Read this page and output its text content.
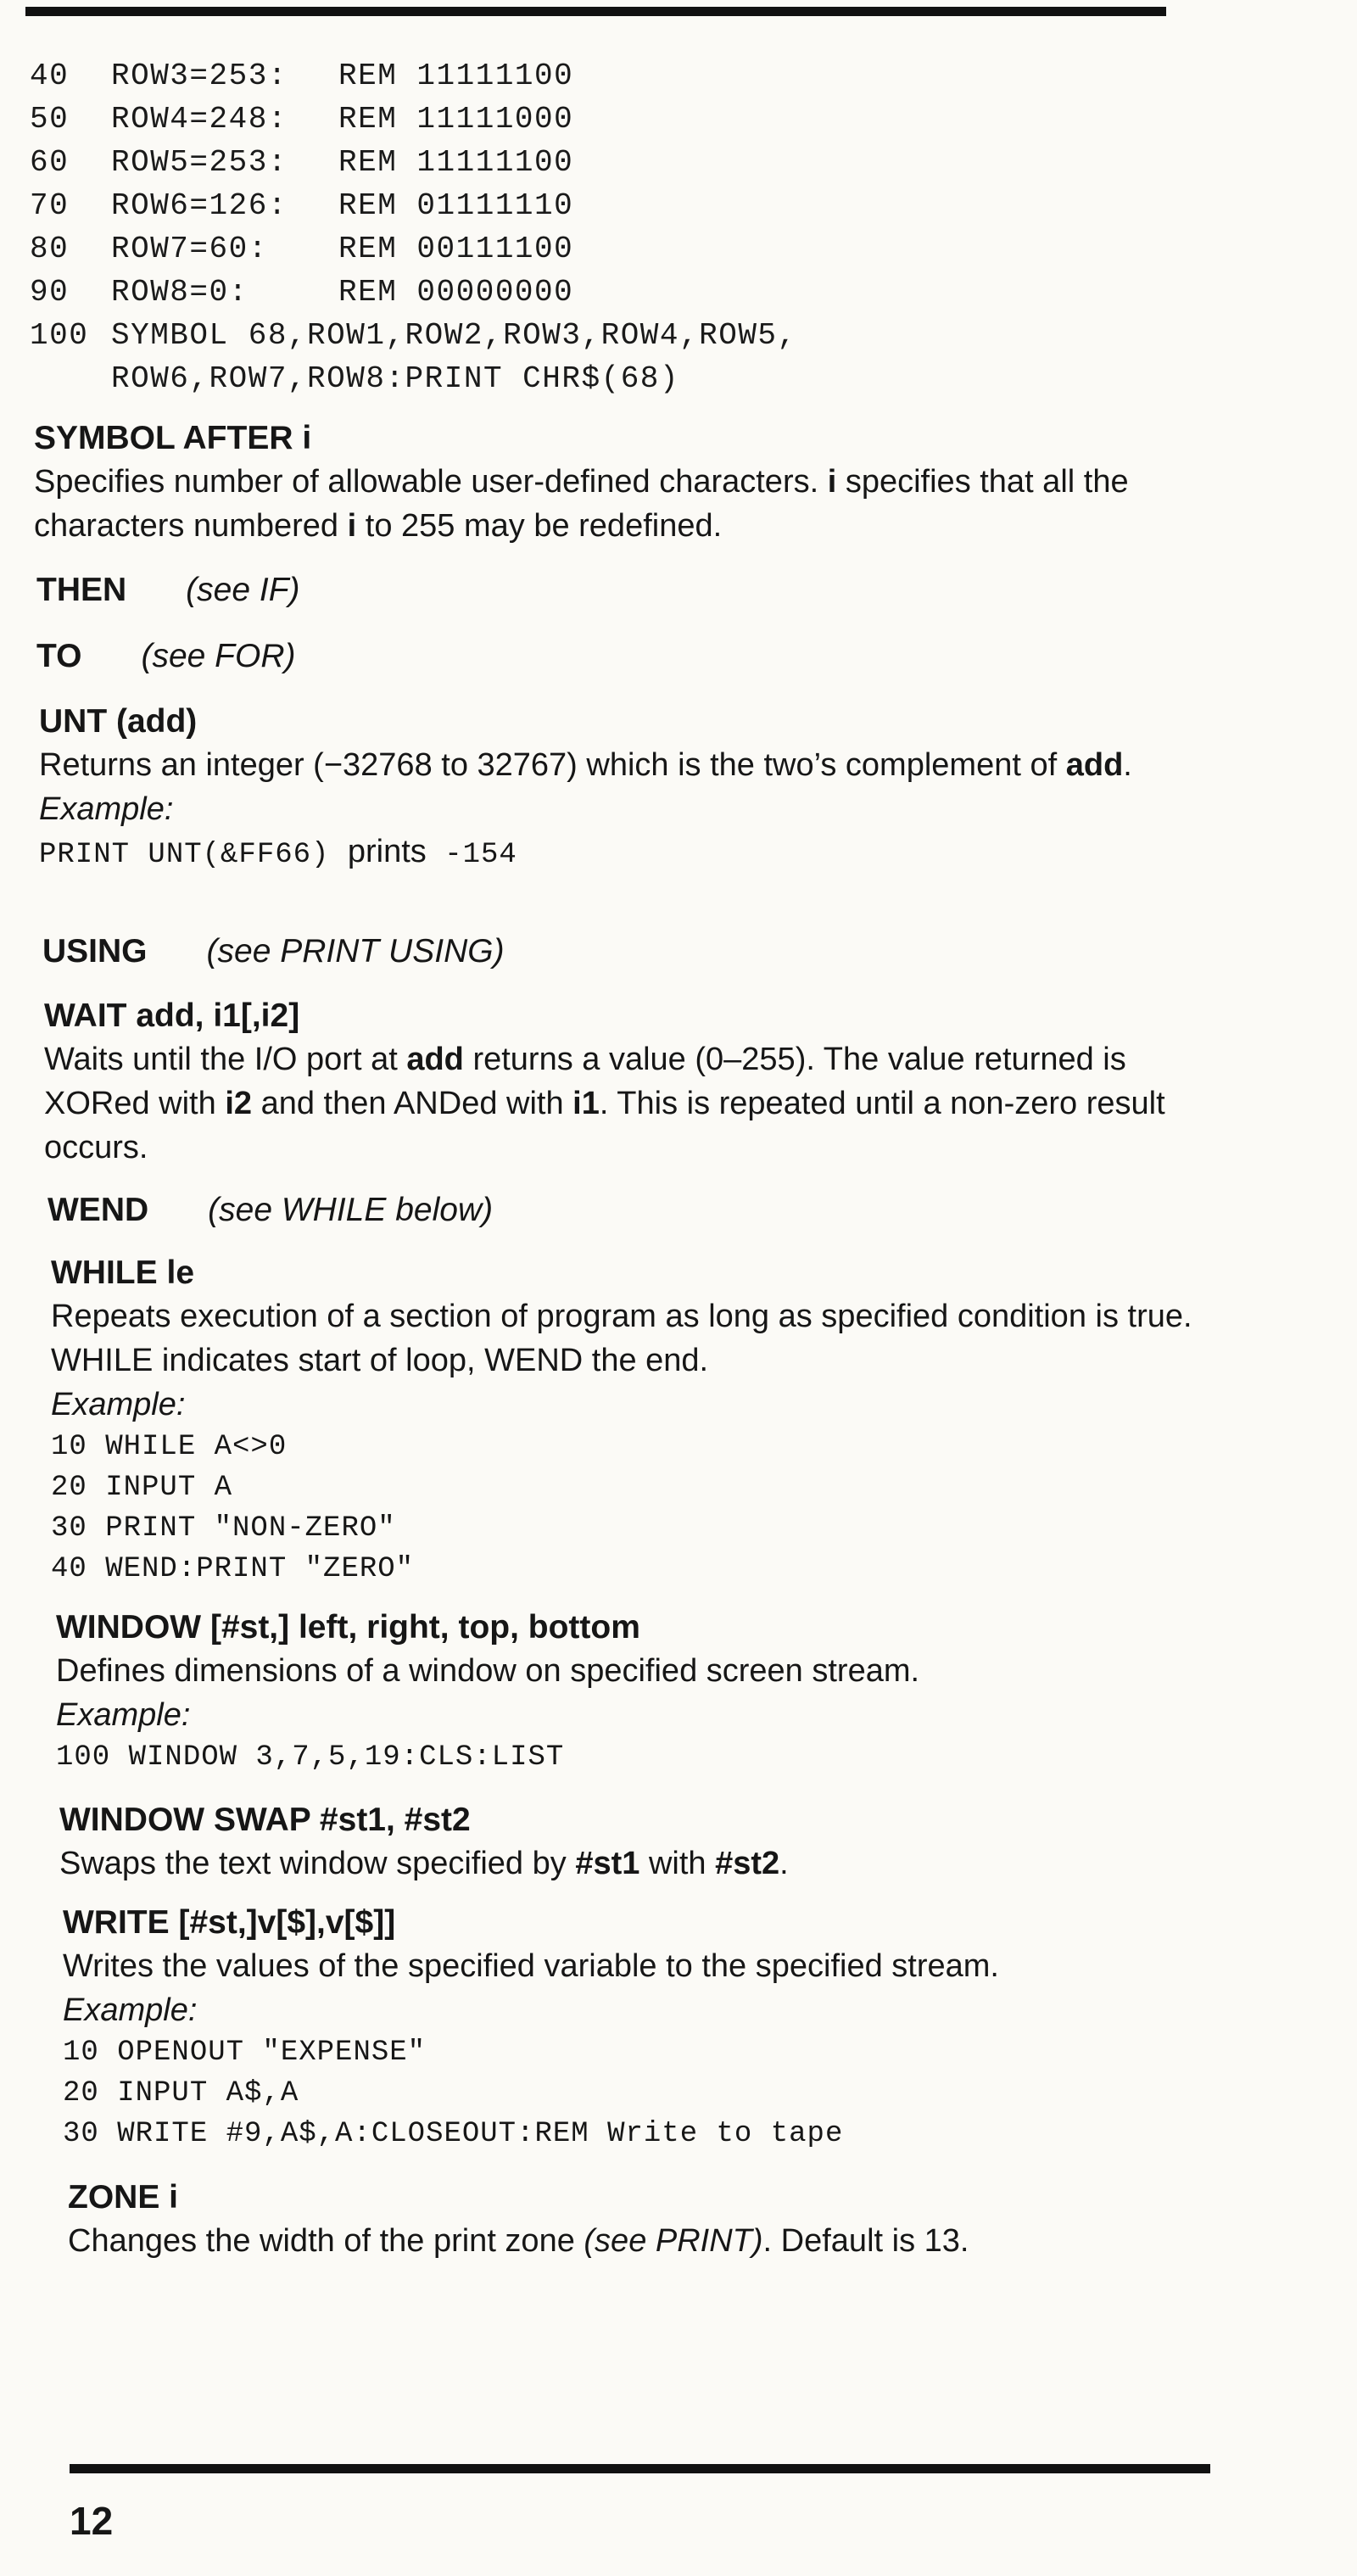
40 ROW3=253: REM 11111100
50 ROW4=248: REM 11111000
60 ROW5=253: REM 11111100
70 ROW6=126: REM 01111110
80 ROW7=60: REM 00111100
90 ROW8=0:	REM 00000000
100 SYMBOL 68,ROW1,ROW2,ROW3,ROW4,ROW5,
ROW6,ROW7,ROW8:PRINT CHR$(68)
SYMBOL AFTER i
Specifies number of allowable user-defined characters. i specifies that all the characters numbered i to 255 may be redefined.
THEN (see IF)
TO (see FOR)
UNT (add)
Returns an integer (−32768 to 32767) which is the two’s complement of add.
Example:
PRINT UNT(&FF66) prints -154
USING (see PRINT USING)
WAIT add, i1[,i2]
Waits until the I/O port at add returns a value (0–255). The value returned is XORed with i2 and then ANDed with i1. This is repeated until a non-zero result occurs.
WEND (see WHILE below)
WHILE le
Repeats execution of a section of program as long as specified condition is true. WHILE indicates start of loop, WEND the end.
Example:
10 WHILE A<>0
20 INPUT A
30 PRINT "NON-ZERO"
40 WEND:PRINT "ZERO"
WINDOW [#st,] left, right, top, bottom
Defines dimensions of a window on specified screen stream.
Example:
100 WINDOW 3,7,5,19:CLS:LIST
WINDOW SWAP #st1, #st2
Swaps the text window specified by #st1 with #st2.
WRITE [#st,]v[$],v[$]]
Writes the values of the specified variable to the specified stream.
Example:
10 OPENOUT "EXPENSE"
20 INPUT A$,A
30 WRITE #9,A$,A:CLOSEOUT:REM Write to tape
ZONE i
Changes the width of the print zone (see PRINT). Default is 13.
12
